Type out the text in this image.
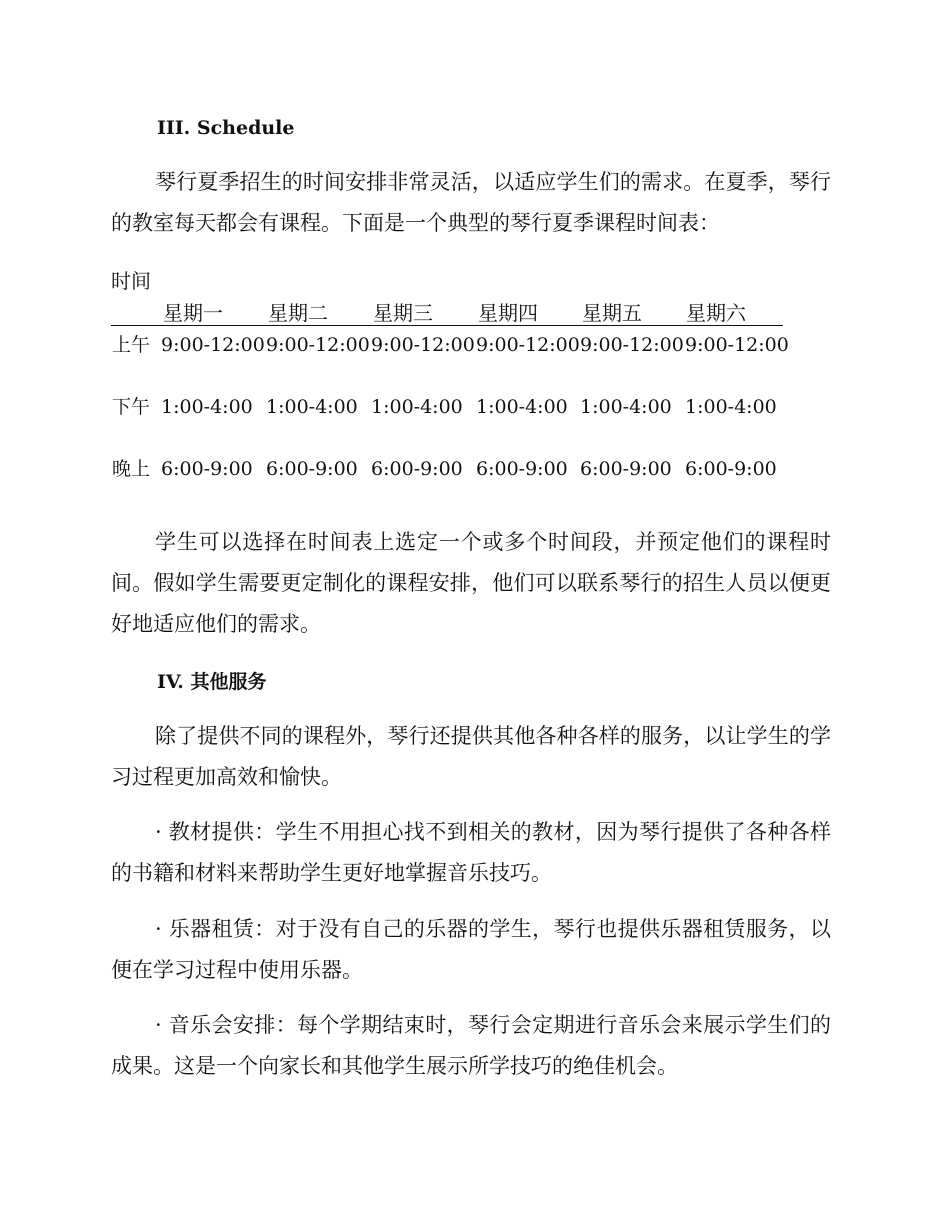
III. Schedule

琴行夏季招生的时间安排非常灵活，以适应学生们的需求。在夏季，琴行的教室每天都会有课程。下面是一个典型的琴行夏季课程时间表：

时间
星期一 星期二 星期三 星期四 星期五 星期六
上午 9:00-12:00 9:00-12:00 9:00-12:00 9:00-12:00 9:00-12:00 9:00-12:00
下午 1:00-4:00 1:00-4:00 1:00-4:00 1:00-4:00 1:00-4:00 1:00-4:00
晚上 6:00-9:00 6:00-9:00 6:00-9:00 6:00-9:00 6:00-9:00 6:00-9:00

学生可以选择在时间表上选定一个或多个时间段，并预定他们的课程时间。假如学生需要更定制化的课程安排，他们可以联系琴行的招生人员以便更好地适应他们的需求。

IV. 其他服务

除了提供不同的课程外，琴行还提供其他各种各样的服务，以让学生的学习过程更加高效和愉快。

· 教材提供：学生不用担心找不到相关的教材，因为琴行提供了各种各样的书籍和材料来帮助学生更好地掌握音乐技巧。

· 乐器租赁：对于没有自己的乐器的学生，琴行也提供乐器租赁服务，以便在学习过程中使用乐器。

· 音乐会安排：每个学期结束时，琴行会定期进行音乐会来展示学生们的成果。这是一个向家长和其他学生展示所学技巧的绝佳机会。
